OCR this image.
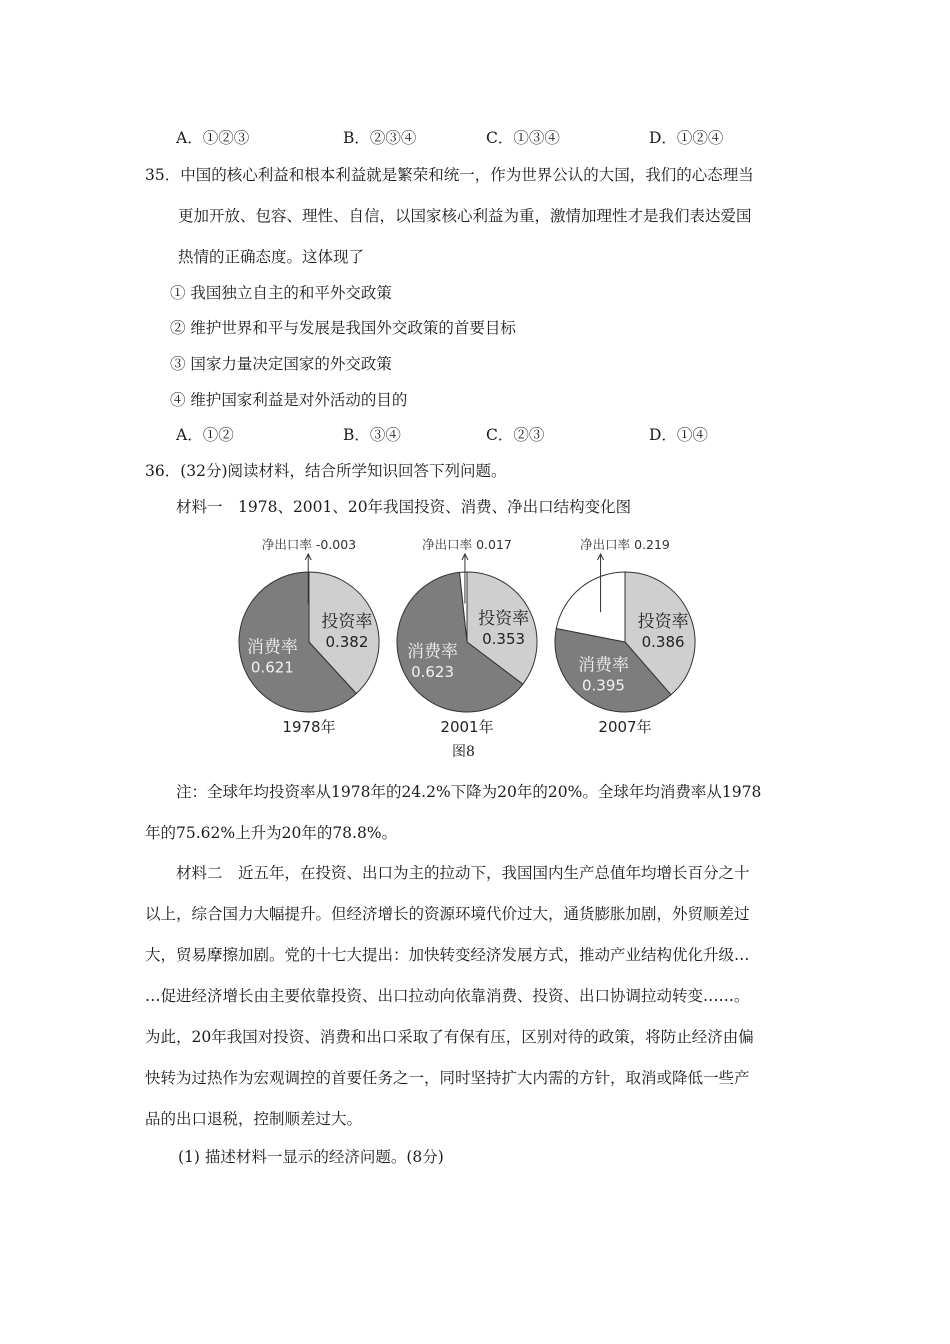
A．①②③	B．②③④	C．①③④	D．①②④
35．中国的核心利益和根本利益就是繁荣和统一，作为世界公认的大国，我们的心态理当
更加开放、包容、理性、自信，以国家核心利益为重，激情加理性才是我们表达爱国
热情的正确态度。这体现了
① 我国独立自主的和平外交政策
② 维护世界和平与发展是我国外交政策的首要目标
③ 国家力量决定国家的外交政策
④ 维护国家利益是对外活动的目的
A．①②	B．③④	C．②③	D．①④
36．(32分)阅读材料，结合所学知识回答下列问题。
材料一　1978、2001、20年我国投资、消费、净出口结构变化图
投资率
0.382
消费率
0.621
净出口率 -0.003
1978年
投资率
0.353
消费率
0.623
净出口率 0.017
2001年
投资率
0.386
消费率
0.395
净出口率 0.219
2007年
图8
注：全球年均投资率从1978年的24.2%下降为20年的20%。全球年均消费率从1978
年的75.62%上升为20年的78.8%。
材料二　近五年，在投资、出口为主的拉动下，我国国内生产总值年均增长百分之十
以上，综合国力大幅提升。但经济增长的资源环境代价过大，通货膨胀加剧，外贸顺差过
大，贸易摩擦加剧。党的十七大提出：加快转变经济发展方式，推动产业结构优化升级…
…促进经济增长由主要依靠投资、出口拉动向依靠消费、投资、出口协调拉动转变……。
为此，20年我国对投资、消费和出口采取了有保有压，区别对待的政策，将防止经济由偏
快转为过热作为宏观调控的首要任务之一，同时坚持扩大内需的方针，取消或降低一些产
品的出口退税，控制顺差过大。
(1) 描述材料一显示的经济问题。(8分)
